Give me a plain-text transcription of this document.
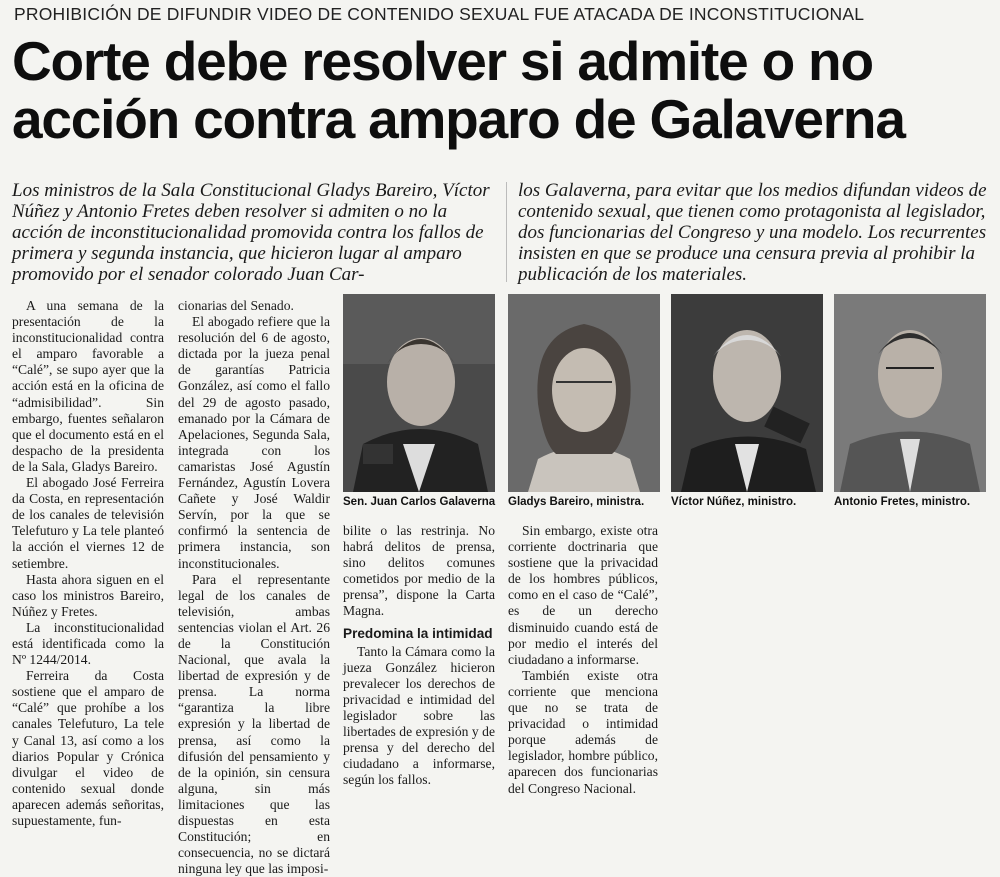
PROHIBICIÓN DE DIFUNDIR VIDEO DE CONTENIDO SEXUAL FUE ATACADA DE INCONSTITUCIONAL
Corte debe resolver si admite o no
acción contra amparo de Galaverna

Los ministros de la Sala Constitucional Gladys Bareiro, Víctor Núñez y Antonio Fretes deben resolver si admiten o no la acción de inconstitucionalidad promovida contra los fallos de primera y segunda instancia, que hicieron lugar al amparo promovido por el senador colorado Juan Car-

los Galaverna, para evitar que los medios difundan videos de contenido sexual, que tienen como protagonista al legislador, dos funcionarias del Congreso y una modelo. Los recurrentes insisten en que se produce una censura previa al prohibir la publicación de los materiales.

A una semana de la presentación de la inconstitucionalidad contra el amparo favorable a “Calé”, se supo ayer que la acción está en la oficina de “admisibilidad”. Sin embargo, fuentes señalaron que el documento está en el despacho de la presidenta de la Sala, Gladys Bareiro.

El abogado José Ferreira da Costa, en representación de los canales de televisión Telefuturo y La tele planteó la acción el viernes 12 de setiembre.

Hasta ahora siguen en el caso los ministros Bareiro, Núñez y Fretes.

La inconstitucionalidad está identificada como la Nº 1244/2014.

Ferreira da Costa sostiene que el amparo de “Calé” que prohíbe a los canales Telefuturo, La tele y Canal 13, así como a los diarios Popular y Crónica divulgar el video de contenido sexual donde aparecen además señoritas, supuestamente, fun-

cionarias del Senado.

El abogado refiere que la resolución del 6 de agosto, dictada por la jueza penal de garantías Patricia González, así como el fallo del 29 de agosto pasado, emanado por la Cámara de Apelaciones, Segunda Sala, integrada con los camaristas José Agustín Fernández, Agustín Lovera Cañete y José Waldir Servín, por la que se confirmó la sentencia de primera instancia, son inconstitucionales.

Para el representante legal de los canales de televisión, ambas sentencias violan el Art. 26 de la Constitución Nacional, que avala la libertad de expresión y de prensa. La norma “garantiza la libre expresión y la libertad de prensa, así como la difusión del pensamiento y de la opinión, sin censura alguna, sin más limitaciones que las dispuestas en esta Constitución; en consecuencia, no se dictará ninguna ley que las imposi-

bilite o las restrinja. No habrá delitos de prensa, sino delitos comunes cometidos por medio de la prensa”, dispone la Carta Magna.

Predomina la intimidad

Tanto la Cámara como la jueza González hicieron prevalecer los derechos de privacidad e intimidad del legislador sobre las libertades de expresión y de prensa y del derecho del ciudadano a informarse, según los fallos.

Sin embargo, existe otra corriente doctrinaria que sostiene que la privacidad de los hombres públicos, como en el caso de “Calé”, es de un derecho disminuido cuando está de por medio el interés del ciudadano a informarse.

También existe otra corriente que menciona que no se trata de privacidad o intimidad porque además de legislador, hombre público, aparecen dos funcionarias del Congreso Nacional.

Sen. Juan Carlos Galaverna	Gladys Bareiro, ministra.	Víctor Núñez, ministro.	Antonio Fretes, ministro.
